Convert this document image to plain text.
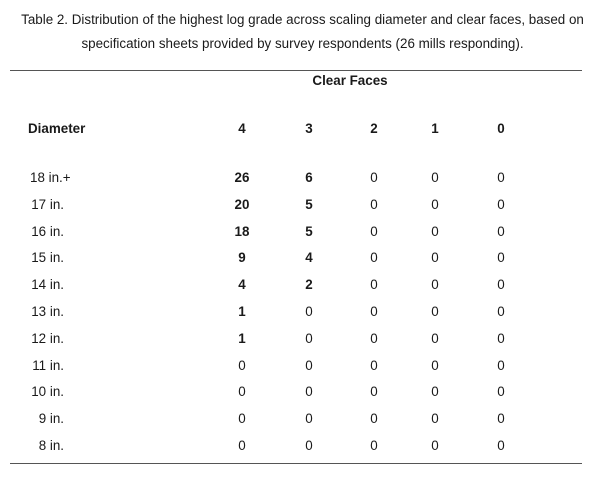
Table 2. Distribution of the highest log grade across scaling diameter and clear faces, based on
specification sheets provided by survey respondents (26 mills responding).
Clear Faces
Diameter	4	3	2	1	0
18 in.+	26	6	0	0	0
17 in.	20	5	0	0	0
16 in.	18	5	0	0	0
15 in.	9	4	0	0	0
14 in.	4	2	0	0	0
13 in.	1	0	0	0	0
12 in.	1	0	0	0	0
11 in.	0	0	0	0	0
10 in.	0	0	0	0	0
9 in.	0	0	0	0	0
8 in.	0	0	0	0	0
